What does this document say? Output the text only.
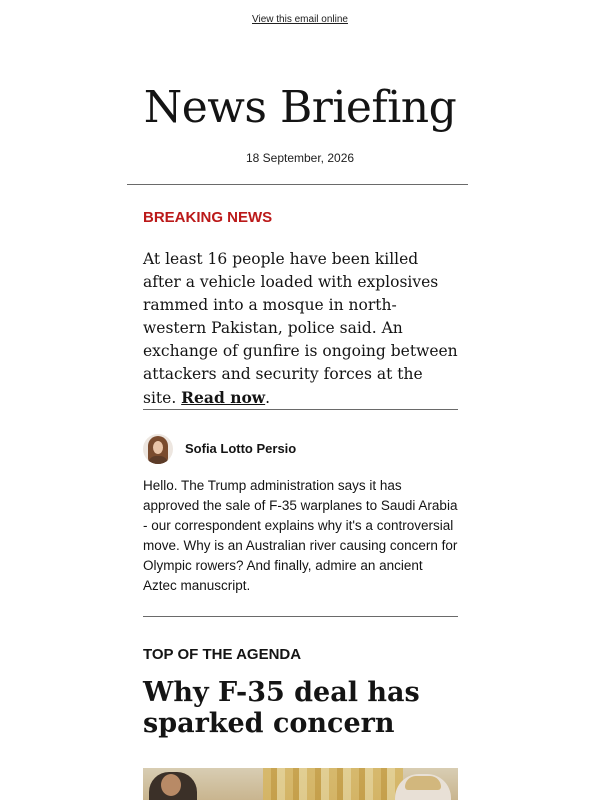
View this email online
News Briefing
18 September, 2026
BREAKING NEWS
At least 16 people have been killed after a vehicle loaded with explosives rammed into a mosque in north-western Pakistan, police said. An exchange of gunfire is ongoing between attackers and security forces at the site. Read now.
Sofia Lotto Persio
Hello. The Trump administration says it has approved the sale of F-35 warplanes to Saudi Arabia - our correspondent explains why it's a controversial move. Why is an Australian river causing concern for Olympic rowers? And finally, admire an ancient Aztec manuscript.
TOP OF THE AGENDA
Why F-35 deal has sparked concern
